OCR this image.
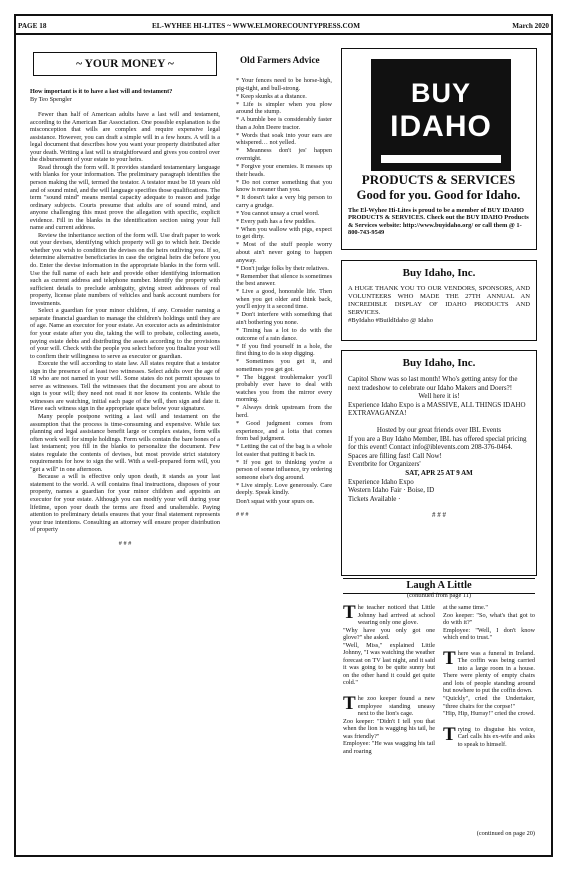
PAGE 18	EL-WYHEE HI-LITES ~ WWW.ELMORECOUNTYPRESS.COM	March 2020
~ YOUR MONEY ~

How important is it to have a last will and testament?

By Teo Spengler

Fewer than half of American adults have a last will and testament, according to the American Bar Association. One possible explanation is the misconception that wills are complex and require expensive legal assistance. However, you can draft a simple will in a few hours. A will is a legal document that describes how you want your property distributed after your death. Writing a last will is straightforward and gives you control over the disbursement of your estate to your heirs.

Read through the form will. It provides standard testamentary language with blanks for your information. The preliminary paragraph identifies the person making the will, termed the testator. A testator must be 18 years old and of sound mind, and the will language specifies those qualifications. The term "sound mind" means mental capacity adequate to reason and judge ordinary subjects. Courts presume that adults are of sound mind, and anyone challenging this must prove the allegation with specific, explicit evidence. Fill in the blanks in the identification section using your full name and current address.

Review the inheritance section of the form will. Use draft paper to work out your devises, identifying which property will go to which heir. Decide whether you wish to condition the devises on the heirs outliving you. If so, determine alternative beneficiaries in case the original heirs die before you do. Enter the devise information in the appropriate blanks in the form will. Use the full name of each heir and provide other identifying information such as current address and telephone number. Identify the property with sufficient details to preclude ambiguity, giving street addresses of real property, license plate numbers of vehicles and bank account numbers for investments.

Select a guardian for your minor children, if any. Consider naming a separate financial guardian to manage the children's holdings until they are of age. Name an executor for your estate. An executor acts as administrator for your estate after you die, taking the will to probate, collecting assets, paying estate debts and distributing the assets according to the provisions of your will. Check with the people you select before you finalize your will to confirm their willingness to serve as executor or guardian.

Execute the will according to state law. All states require that a testator sign in the presence of at least two witnesses. Select adults over the age of 18 who are not named in your will. Some states do not permit spouses to serve as witnesses. Tell the witnesses that the document you are about to sign is your will; they need not read it nor know its contents. While the witnesses are watching, initial each page of the will, then sign and date it. Have each witness sign in the appropriate space below your signature.

Many people postpone writing a last will and testament on the assumption that the process is time-consuming and expensive. While tax planning and legal assistance benefit large or complex estates, form wills often work well for simple holdings. Form wills contain the bare bones of a last testament; you fill in the blanks to personalize the document. Few states regulate the contents of devises, but most provide strict statutory requirements for how to sign the will. With a well-prepared form will, you "get a will" in one afternoon.

Because a will is effective only upon death, it stands as your last statement to the world. A will contains final instructions, disposes of your property, names a guardian for your minor children and appoints an executor for your estate. Although you can modify your will during your lifetime, upon your death the terms are fixed and unalterable. Paying attention to preliminary details ensures that your final statement represents your true intentions. Consulting an attorney will ensure proper distribution of property

# # #

Old Farmers Advice

* Your fences need to be horse-high, pig-tight, and bull-strong.

* Keep skunks at a distance.

* Life is simpler when you plow around the stump.

* A bumble bee is considerably faster than a John Deere tractor.

* Words that soak into your ears are whispered… not yelled.

* Meanness don't jes' happen overnight.

* Forgive your enemies. It messes up their heads.

* Do not corner something that you know is meaner than you.

* It doesn't take a very big person to carry a grudge.

* You cannot unsay a cruel word.

* Every path has a few puddles.

* When you wallow with pigs, expect to get dirty.

* Most of the stuff people worry about ain't never going to happen anyway.

* Don't judge folks by their relatives.

* Remember that silence is sometimes the best answer.

* Live a good, honorable life. Then when you get older and think back, you'll enjoy it a second time.

* Don't interfere with something that ain't bothering you none.

* Timing has a lot to do with the outcome of a rain dance.

* If you find yourself in a hole, the first thing to do is stop digging.

* Sometimes you get it, and sometimes you get got.

* The biggest troublemaker you'll probably ever have to deal with watches you from the mirror every morning.

* Always drink upstream from the herd.

* Good judgment comes from experience, and a lotta that comes from bad judgment.

* Letting the cat of the bag is a whole lot easier that putting it back in.

* If you get to thinking you're a person of some influence, try ordering someone else's dog around.

* Live simply. Love generously. Care deeply. Speak kindly.

Don't squat with your spurs on.

# # #

BUY
IDAHO
PRODUCTS & SERVICES
Good for you. Good for Idaho.
The El-Wyhee Hi-Lites is proud to be a member of BUY IDAHO PRODUCTS & SERVICES. Check out the BUY IDAHO Products & Services website: http://www.buyidaho.org/ or call them @ 1-800-743-9549
Buy Idaho, Inc.
A HUGE THANK YOU TO OUR VENDORS, SPONSORS, AND VOLUNTEERS WHO MADE THE 27TH ANNUAL AN INCREDIBLE DISPLAY OF IDAHO PRODUCTS AND SERVICES.
#ByIdaho #BuildIdaho @ Idaho
Buy Idaho, Inc.
Capitol Show was so last month! Who's getting antsy for the next tradeshow to celebrate our Idaho Makers and Doers?!
Well here it is!
Experience Idaho Expo is a MASSIVE, ALL THINGS IDAHO EXTRAVAGANZA!
Hosted by our great friends over IBL Events
If you are a Buy Idaho Member, IBL has offered special pricing for this event! Contact info@iblevents.com 208-376-0464.
Spaces are filling fast! Call Now!
Eventbrite for Organizers'
SAT, APR 25 AT 9 AM
Experience Idaho Expo
Western Idaho Fair · Boise, ID
Tickets Available ·
# # #
Laugh A Little
(continued from page 11)

The teacher noticed that Little Johnny had arrived at school wearing only one glove.

"Why have you only got one glove?" she asked.

"Well, Miss," explained Little Johnny, "I was watching the weather forecast on TV last night, and it said it was going to be quite sunny but on the other hand it could get quite cold."

The zoo keeper found a new employee standing uneasy next to the lion's cage.

Zoo keeper: "Didn't I tell you that when the lion is wagging his tail, he was friendly?"

Employee: "He was wagging his tail and roaring

at the same time."

Zoo keeper: "So, what's that got to do with it?"

Employee: "Well, I don't know which end to trust."

There was a funeral in Ireland. The coffin was being carried into a large room in a house. There were plenty of empty chairs and lots of people standing around but nowhere to put the coffin down.

"Quickly", cried the Undertaker, "three chairs for the corpse!"

"Hip, Hip, Hurray!" cried the crowd.

Trying to disguise his voice, Carl calls his ex-wife and asks to speak to himself.

(continued on page 20)
